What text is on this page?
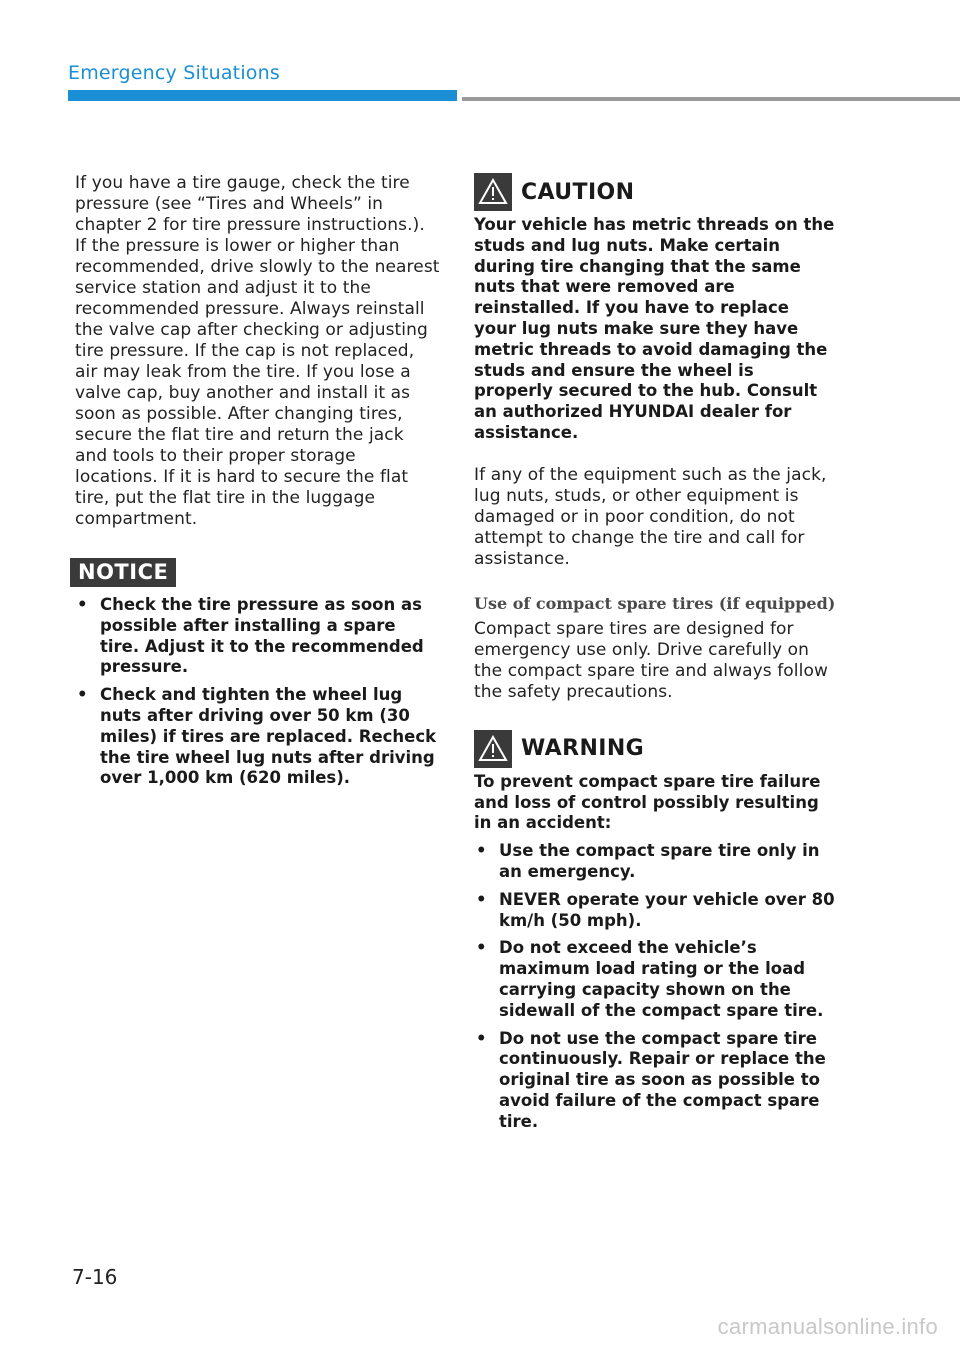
Emergency Situations

If you have a tire gauge, check the tire pressure (see “Tires and Wheels” in chapter 2 for tire pressure instructions.). If the pressure is lower or higher than recommended, drive slowly to the nearest service station and adjust it to the recommended pressure. Always reinstall the valve cap after checking or adjusting tire pressure. If the cap is not replaced, air may leak from the tire. If you lose a valve cap, buy another and install it as soon as possible. After changing tires, secure the flat tire and return the jack and tools to their proper storage locations. If it is hard to secure the flat tire, put the flat tire in the luggage compartment.

NOTICE
• Check the tire pressure as soon as possible after installing a spare tire. Adjust it to the recommended pressure.
• Check and tighten the wheel lug nuts after driving over 50 km (30 miles) if tires are replaced. Recheck the tire wheel lug nuts after driving over 1,000 km (620 miles).
CAUTION

Your vehicle has metric threads on the studs and lug nuts. Make certain during tire changing that the same nuts that were removed are reinstalled. If you have to replace your lug nuts make sure they have metric threads to avoid damaging the studs and ensure the wheel is properly secured to the hub. Consult an authorized HYUNDAI dealer for assistance.

If any of the equipment such as the jack, lug nuts, studs, or other equipment is damaged or in poor condition, do not attempt to change the tire and call for assistance.

Use of compact spare tires (if equipped)

Compact spare tires are designed for emergency use only. Drive carefully on the compact spare tire and always follow the safety precautions.

WARNING

To prevent compact spare tire failure and loss of control possibly resulting in an accident:

• Use the compact spare tire only in an emergency.
• NEVER operate your vehicle over 80 km/h (50 mph).
• Do not exceed the vehicle’s maximum load rating or the load carrying capacity shown on the sidewall of the compact spare tire.
• Do not use the compact spare tire continuously. Repair or replace the original tire as soon as possible to avoid failure of the compact spare tire.
7-16
carmanualsonline.info
